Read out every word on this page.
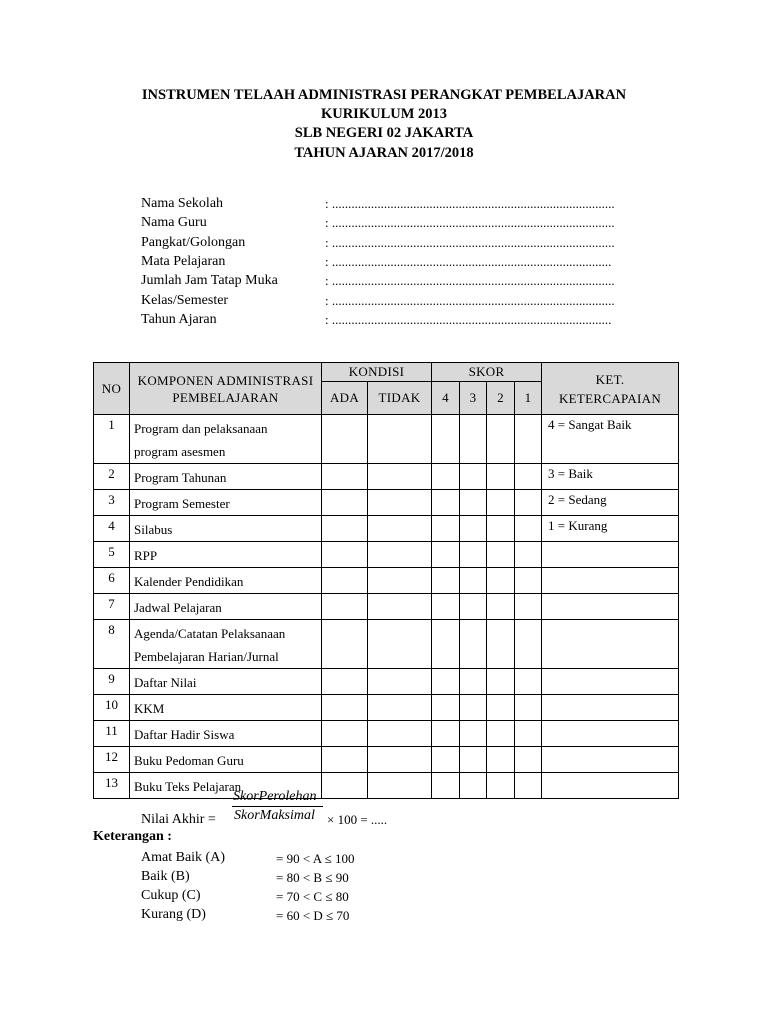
INSTRUMEN TELAAH ADMINISTRASI PERANGKAT PEMBELAJARAN
KURIKULUM 2013
SLB NEGERI 02 JAKARTA
TAHUN AJARAN 2017/2018
Nama Sekolah	: .......................................................................................
Nama Guru	: .......................................................................................
Pangkat/Golongan	: .......................................................................................
Mata Pelajaran	: ......................................................................................
Jumlah Jam Tatap Muka	: .......................................................................................
Kelas/Semester	: .......................................................................................
Tahun Ajaran	: ......................................................................................
NO	KOMPONEN ADMINISTRASI PEMBELAJARAN	KONDISI		SKOR				KET. KETERCAPAIAN
		ADA	TIDAK	4	3	2	1	
1	Program dan pelaksanaan
program asesmen							4 = Sangat Baik
2	Program Tahunan							3 = Baik
3	Program Semester							2 = Sedang
4	Silabus							1 = Kurang
5	RPP							

6	Kalender Pendidikan							

7	Jadwal Pelajaran							

8	Agenda/Catatan Pelaksanaan
Pembelajaran Harian/Jurnal							

9	Daftar Nilai							

10	KKM							

11	Daftar Hadir Siswa							

12	Buku Pedoman Guru							

13	Buku Teks Pelajaran							

Nilai Akhir =
SkorPerolehan
SkorMaksimal × 100 = .....
Keterangan :
Amat Baik (A)	= 90 < A ≤ 100
Baik (B)	= 80 < B ≤ 90
Cukup (C)	= 70 < C ≤ 80
Kurang (D)	= 60 < D ≤ 70
